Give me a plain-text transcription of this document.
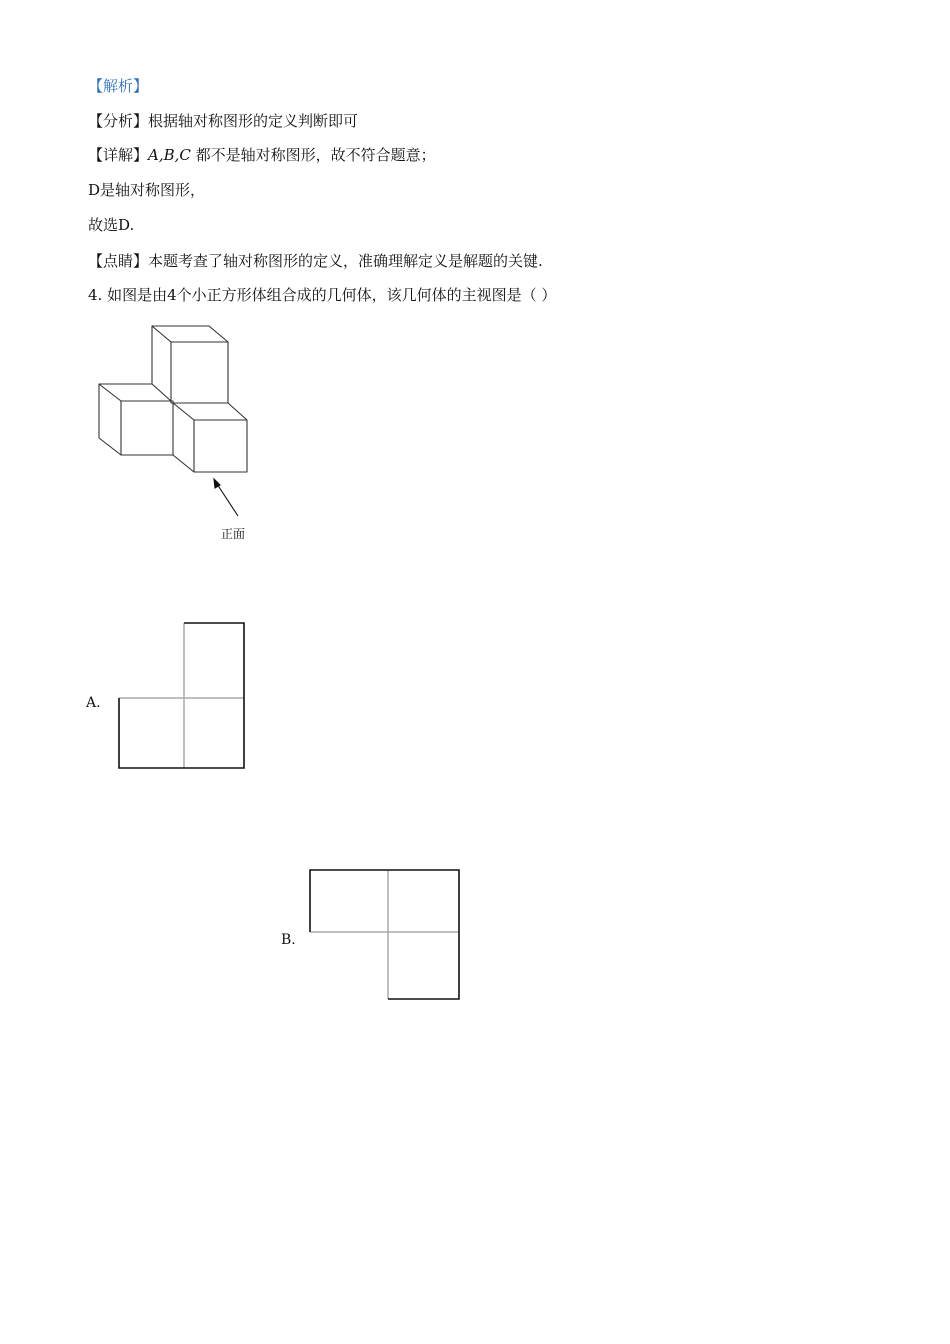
【解析】
【分析】根据轴对称图形的定义判断即可
【详解】A,B,C 都不是轴对称图形，故不符合题意；
D是轴对称图形，
故选D.
【点睛】本题考查了轴对称图形的定义，准确理解定义是解题的关键.
4. 如图是由4个小正方形体组合成的几何体，该几何体的主视图是（ ）
正面
A.
B.
